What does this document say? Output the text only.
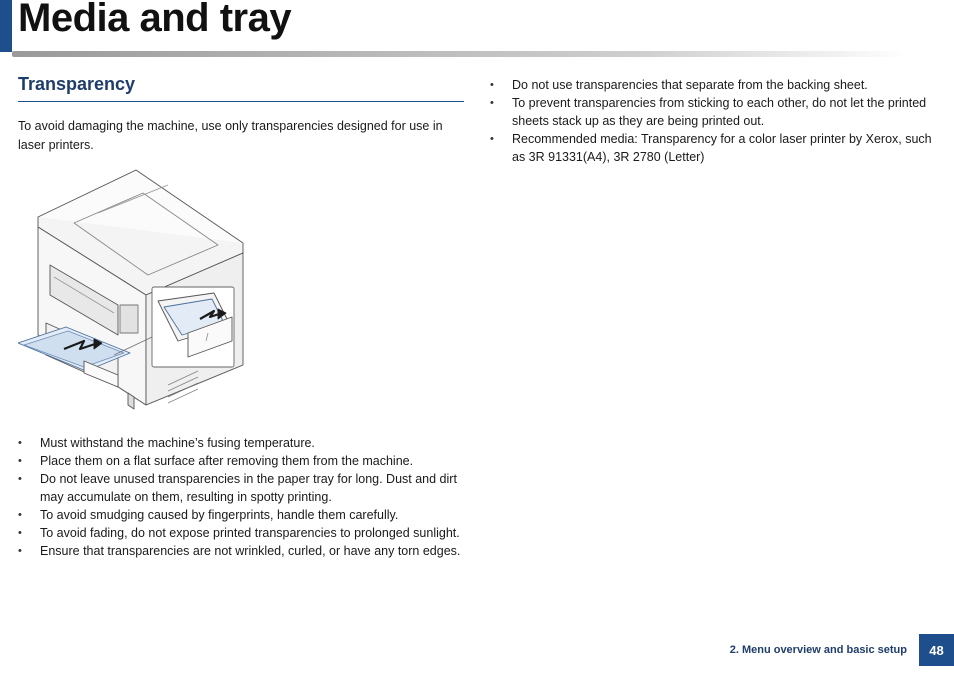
Media and tray
Transparency

To avoid damaging the machine, use only transparencies designed for use in laser printers.

• Must withstand the machine’s fusing temperature.
• Place them on a flat surface after removing them from the machine.
• Do not leave unused transparencies in the paper tray for long. Dust and dirt may accumulate on them, resulting in spotty printing.
• To avoid smudging caused by fingerprints, handle them carefully.
• To avoid fading, do not expose printed transparencies to prolonged sunlight.
• Ensure that transparencies are not wrinkled, curled, or have any torn edges.
• Do not use transparencies that separate from the backing sheet.
• To prevent transparencies from sticking to each other, do not let the printed sheets stack up as they are being printed out.
• Recommended media: Transparency for a color laser printer by Xerox, such as 3R 91331(A4), 3R 2780 (Letter)
2. Menu overview and basic setup	48
